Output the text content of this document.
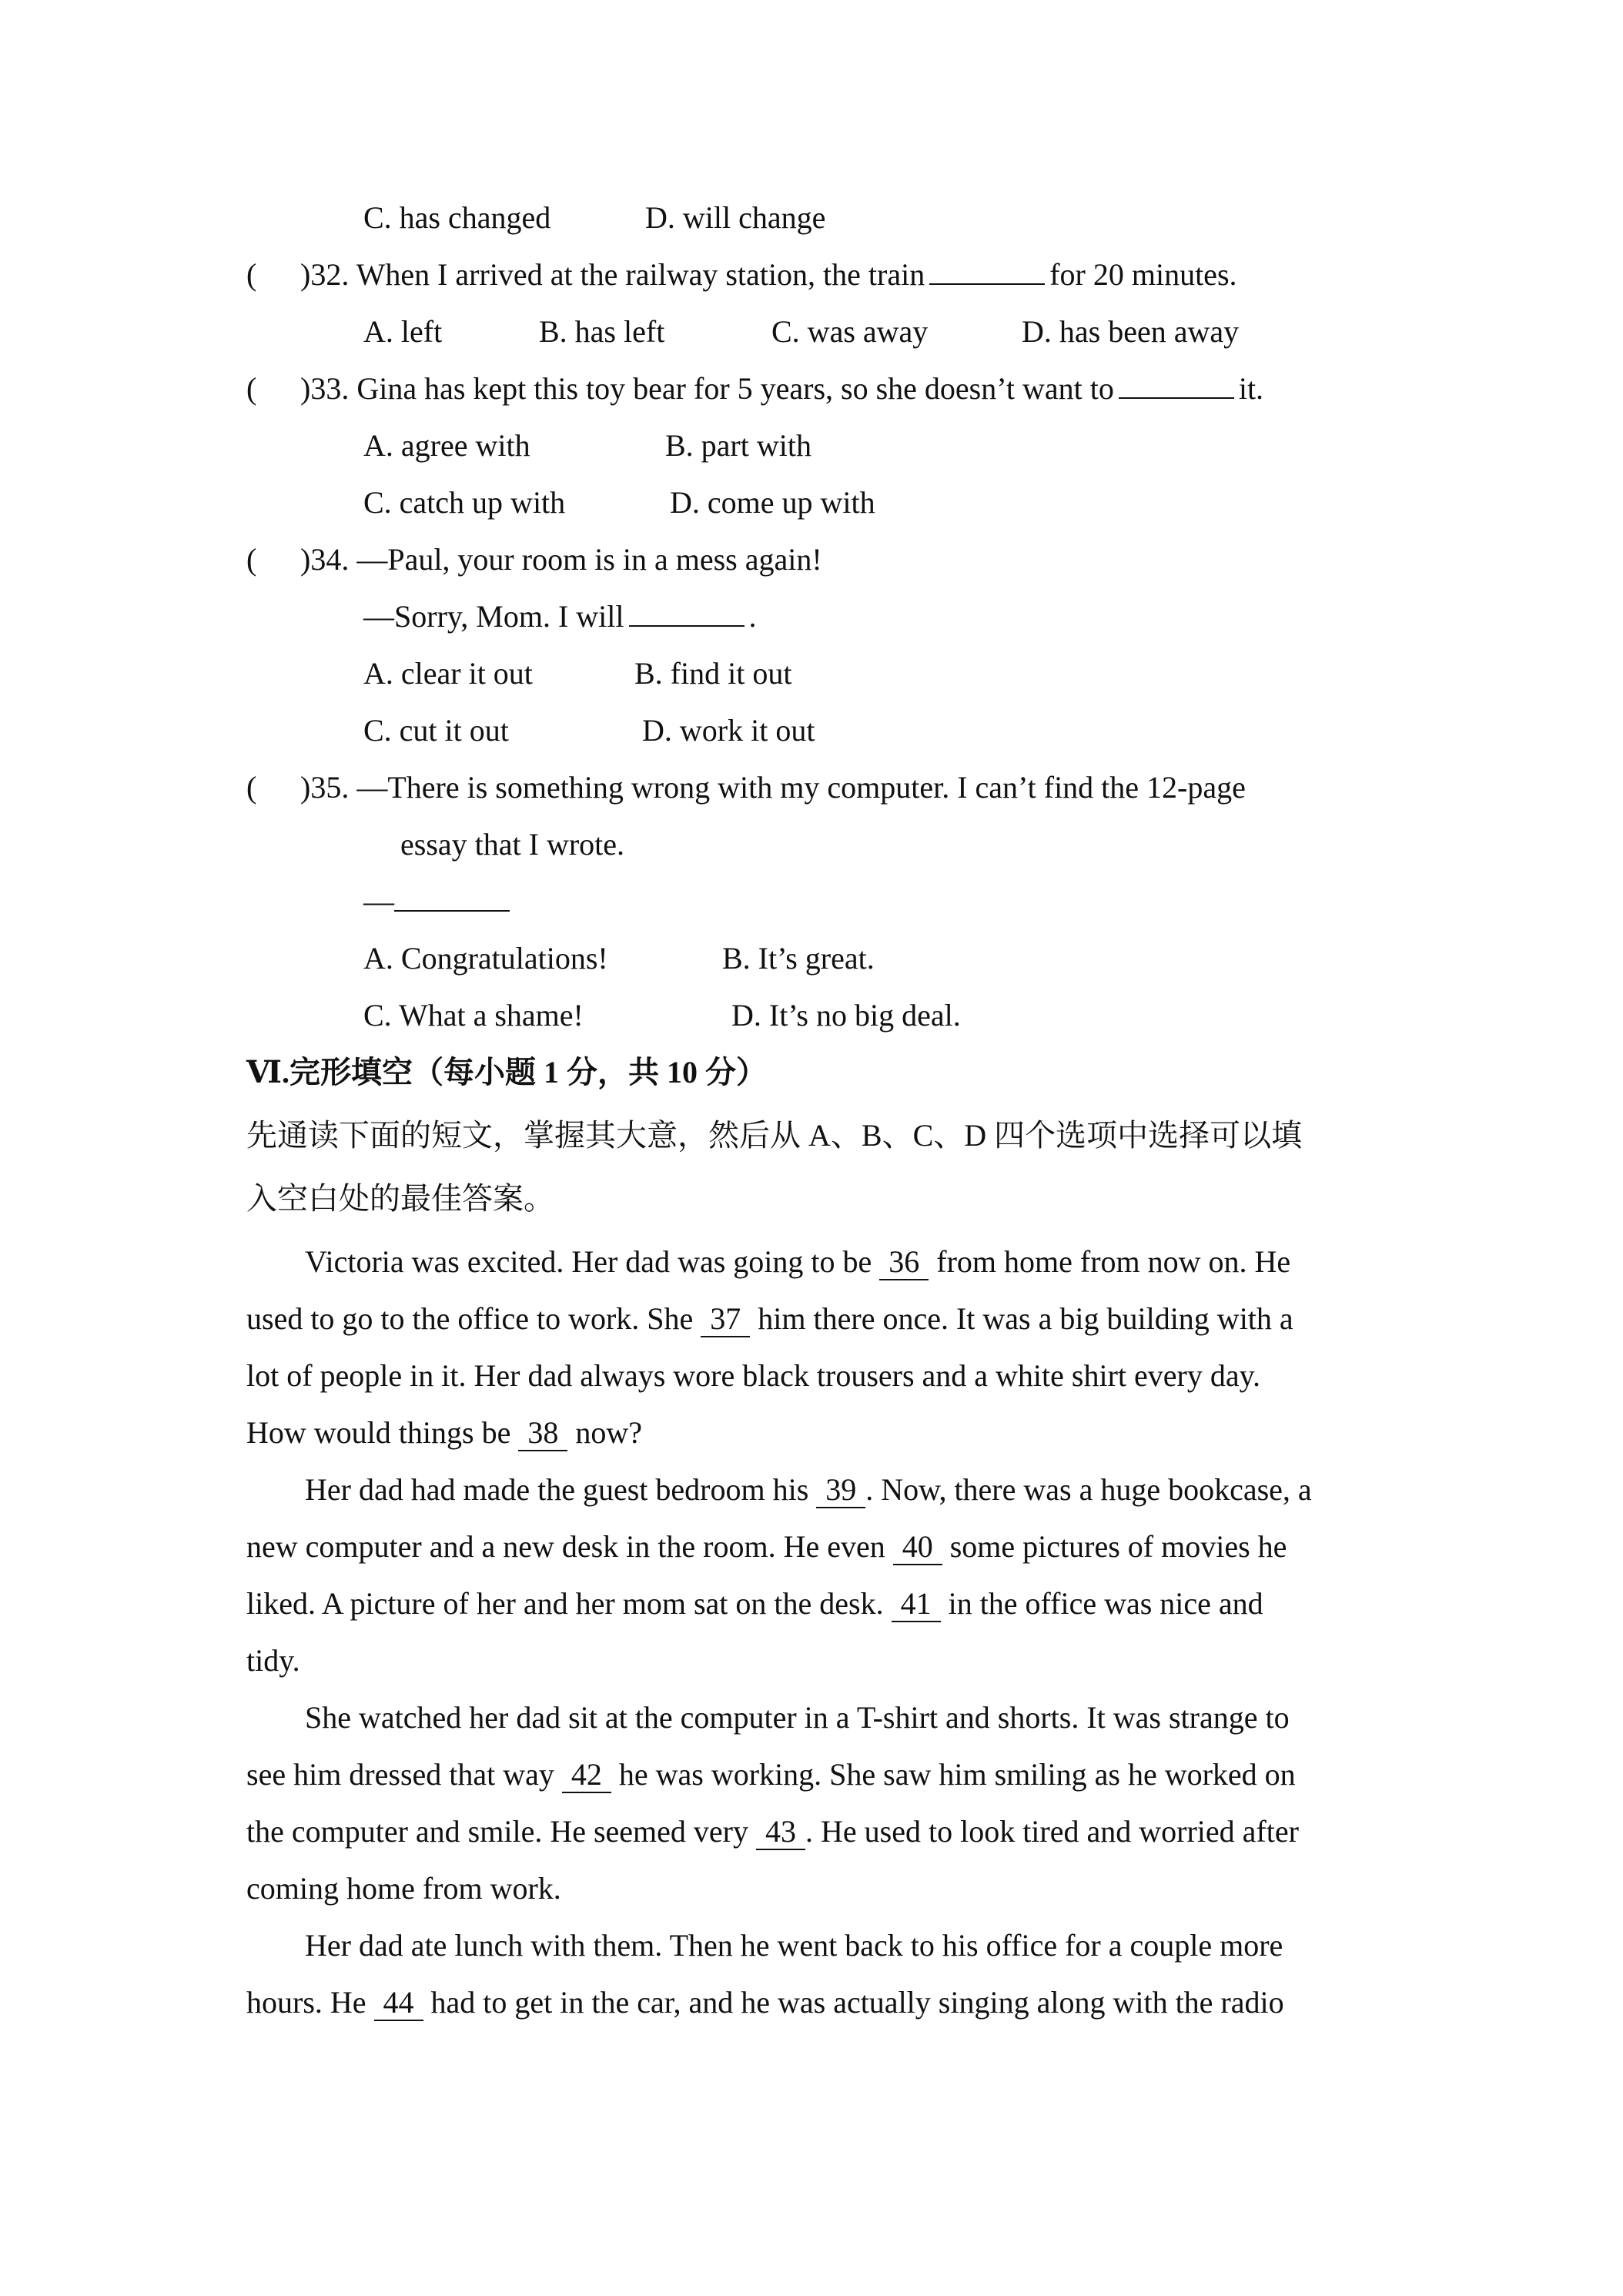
C. has changed	D. will change
( )32. When I arrived at the railway station, the train	for 20 minutes.
A. left	B. has left	C. was away	D. has been away
( )33. Gina has kept this toy bear for 5 years, so she doesn’t want to	it.
A. agree with	B. part with
C. catch up with	D. come up with
( )34. —Paul, your room is in a mess again!
—Sorry, Mom. I will	.
A. clear it out	B. find it out
C. cut it out	D. work it out
( )35. —There is something wrong with my computer. I can’t find the 12-page
essay that I wrote.
—
A. Congratulations!	B. It’s great.
C. What a shame!	D. It’s no big deal.
Ⅵ.完形填空（每小题 1 分，共 10 分）
先通读下面的短文，掌握其大意，然后从 A、B、C、D 四个选项中选择可以填
入空白处的最佳答案。
Victoria was excited. Her dad was going to be 36 from home from now on. He
used to go to the office to work. She 37 him there once. It was a big building with a
lot of people in it. Her dad always wore black trousers and a white shirt every day.
How would things be 38 now?
Her dad had made the guest bedroom his 39 . Now, there was a huge bookcase, a
new computer and a new desk in the room. He even 40 some pictures of movies he
liked. A picture of her and her mom sat on the desk. 41 in the office was nice and
tidy.
She watched her dad sit at the computer in a T-shirt and shorts. It was strange to
see him dressed that way 42 he was working. She saw him smiling as he worked on
the computer and smile. He seemed very 43 . He used to look tired and worried after
coming home from work.
Her dad ate lunch with them. Then he went back to his office for a couple more
hours. He 44 had to get in the car, and he was actually singing along with the radio
